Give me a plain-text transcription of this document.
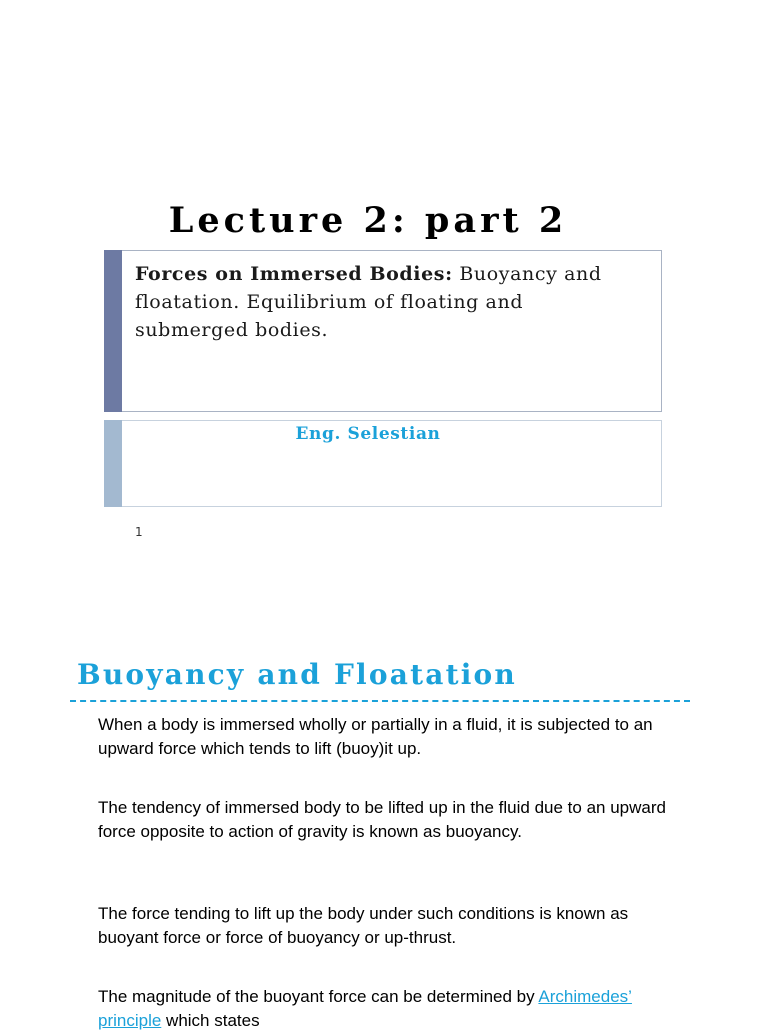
Lecture 2: part 2
Forces on Immersed Bodies: Buoyancy and floatation. Equilibrium of floating and submerged bodies.
Eng. Selestian
1
Buoyancy and Floatation

When a body is immersed wholly or partially in a fluid, it is subjected to an upward force which tends to lift (buoy)it up.

The tendency of immersed body to be lifted up in the fluid due to an upward force opposite to action of gravity is known as buoyancy.

The force tending to lift up the body under such conditions is known as buoyant force or force of buoyancy or up-thrust.

The magnitude of the buoyant force can be determined by Archimedes’ principle which states
